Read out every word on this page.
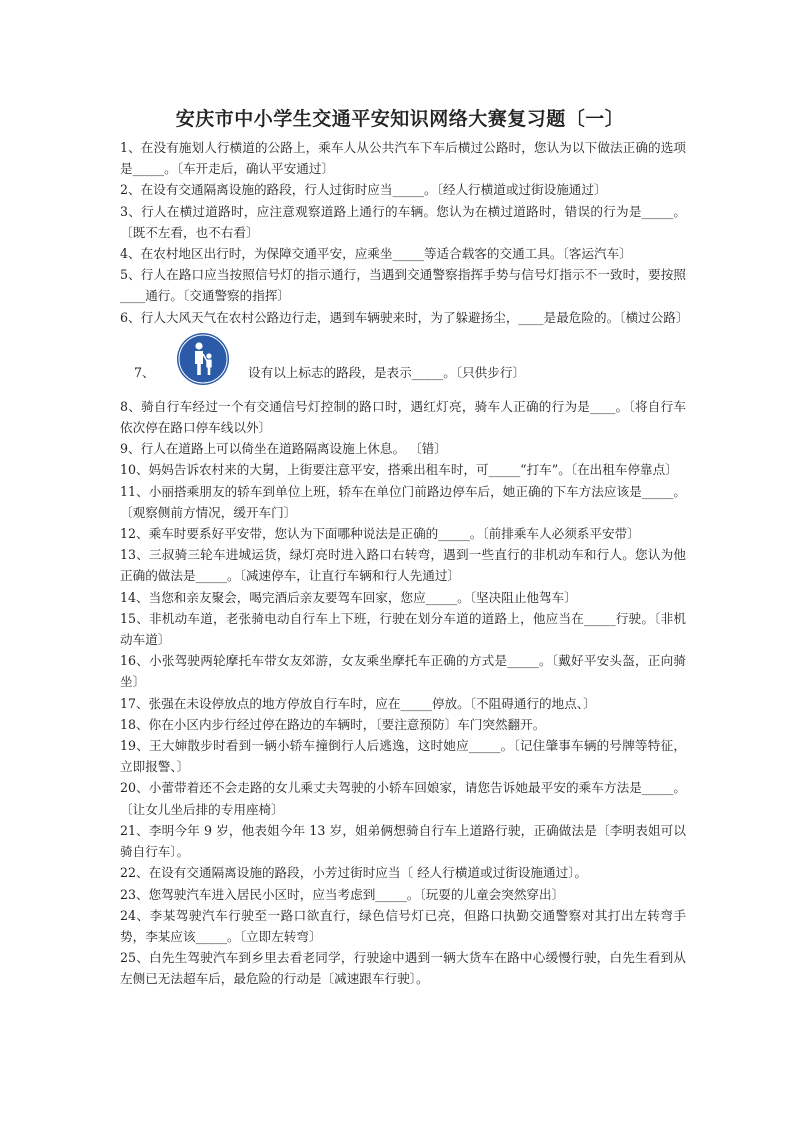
安庆市中小学生交通平安知识网络大赛复习题〔一〕

1、在没有施划人行横道的公路上，乘车人从公共汽车下车后横过公路时，您认为以下做法正确的选项是_____。〔车开走后，确认平安通过〕

2、在设有交通隔离设施的路段，行人过街时应当_____。〔经人行横道或过街设施通过〕

3、行人在横过道路时，应注意观察道路上通行的车辆。您认为在横过道路时，错误的行为是_____。〔既不左看，也不右看〕

4、在农村地区出行时，为保障交通平安，应乘坐_____等适合载客的交通工具。〔客运汽车〕

5、行人在路口应当按照信号灯的指示通行，当遇到交通警察指挥手势与信号灯指示不一致时，要按照____通行。〔交通警察的指挥〕

6、行人大风天气在农村公路边行走，遇到车辆驶来时，为了躲避扬尘，____是最危险的。〔横过公路〕

7、	设有以上标志的路段，是表示_____。〔只供步行〕

8、骑自行车经过一个有交通信号灯控制的路口时，遇红灯亮，骑车人正确的行为是____。〔将自行车依次停在路口停车线以外〕

9、行人在道路上可以倚坐在道路隔离设施上休息。 〔错〕

10、妈妈告诉农村来的大舅，上街要注意平安，搭乘出租车时，可_____“打车”。〔在出租车停靠点〕

11、小丽搭乘朋友的轿车到单位上班，轿车在单位门前路边停车后，她正确的下车方法应该是_____。〔观察侧前方情况，缓开车门〕

12、乘车时要系好平安带，您认为下面哪种说法是正确的_____。〔前排乘车人必须系平安带〕

13、三叔骑三轮车进城运货，绿灯亮时进入路口右转弯，遇到一些直行的非机动车和行人。您认为他正确的做法是_____。〔减速停车，让直行车辆和行人先通过〕

14、当您和亲友聚会，喝完酒后亲友要驾车回家，您应_____。〔坚决阻止他驾车〕

15、非机动车道，老张骑电动自行车上下班，行驶在划分车道的道路上，他应当在_____行驶。〔非机动车道〕

16、小张驾驶两轮摩托车带女友郊游，女友乘坐摩托车正确的方式是_____。〔戴好平安头盔，正向骑坐〕

17、张强在未设停放点的地方停放自行车时，应在_____停放。〔不阻碍通行的地点、〕

18、你在小区内步行经过停在路边的车辆时，〔要注意预防〕车门突然翻开。

19、王大婶散步时看到一辆小轿车撞倒行人后逃逸，这时她应_____。〔记住肇事车辆的号牌等特征，立即报警、〕

20、小蕾带着还不会走路的女儿乘丈夫驾驶的小轿车回娘家，请您告诉她最平安的乘车方法是_____。〔让女儿坐后排的专用座椅〕

21、李明今年 9 岁，他表姐今年 13 岁，姐弟俩想骑自行车上道路行驶，正确做法是〔李明表姐可以骑自行车〕。

22、在设有交通隔离设施的路段，小芳过街时应当〔 经人行横道或过街设施通过〕。

23、您驾驶汽车进入居民小区时，应当考虑到_____。〔玩耍的儿童会突然穿出〕

24、李某驾驶汽车行驶至一路口欲直行，绿色信号灯已亮，但路口执勤交通警察对其打出左转弯手势，李某应该_____。〔立即左转弯〕

25、白先生驾驶汽车到乡里去看老同学，行驶途中遇到一辆大货车在路中心缓慢行驶，白先生看到从左侧已无法超车后，最危险的行动是〔减速跟车行驶〕。
